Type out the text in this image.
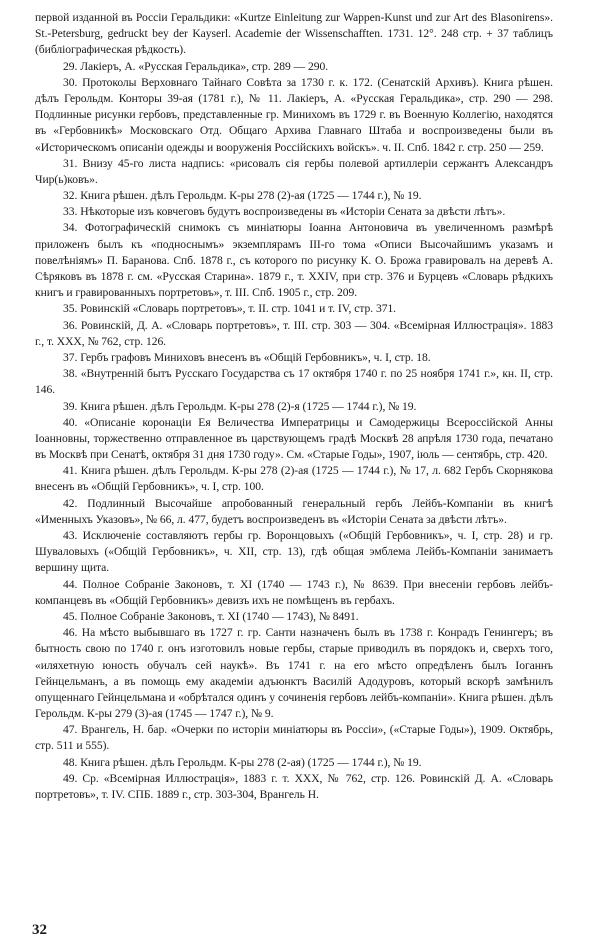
первой изданной въ Россіи Геральдики: «Kurtze Einleitung zur Wappen-Kunst und zur Art des Blasonirens». St.-Petersburg, gedruckt bey der Kayserl. Academie der Wissenschafften. 1731. 12°. 248 стр. + 37 таблицъ (библіографическая рѣдкость).

29. Лакіеръ, А. «Русская Геральдика», стр. 289 — 290.

30. Протоколы Верховнаго Тайнаго Совѣта за 1730 г. к. 172. (Сенатскій Архивъ). Книга рѣшен. дѣлъ Герольдм. Конторы 39-ая (1781 г.), № 11. Лакіеръ, А. «Русская Геральдика», стр. 290 — 298. Подлинные рисунки гербовъ, представленные гр. Минихомъ въ 1729 г. въ Военную Коллегію, находятся въ «Гербовникѣ» Московскаго Отд. Общаго Архива Главнаго Штаба и воспроизведены были въ «Историческомъ описаніи одежды и вооруженія Россійскихъ войскъ». ч. II. Спб. 1842 г. стр. 250 — 259.

31. Внизу 45-го листа надпись: «рисовалъ сія гербы полевой артиллеріи сержантъ Александръ Чир(ь)ковъ».

32. Книга рѣшен. дѣлъ Герольдм. К-ры 278 (2)-ая (1725 — 1744 г.), № 19.

33. Нѣкоторые изъ ковчеговъ будутъ воспроизведены въ «Исторіи Сената за двѣсти лѣтъ».

34. Фотографическій снимокъ съ миніатюры Іоанна Антоновича въ увеличенномъ размѣрѣ приложенъ былъ къ «подноснымъ» экземплярамъ III-го тома «Описи Высочайшимъ указамъ и повелѣніямъ» П. Баранова. Спб. 1878 г., съ которого по рисунку К. О. Брожа гравировалъ на деревѣ А. Сѣряковъ въ 1878 г. см. «Русская Старина». 1879 г., т. XXIV, при стр. 376 и Бурцевъ «Словарь рѣдкихъ книгъ и гравированныхъ портретовъ», т. III. Спб. 1905 г., стр. 209.

35. Ровинскій «Словарь портретовъ», т. II. стр. 1041 и т. IV, стр. 371.

36. Ровинскій, Д. А. «Словарь портретовъ», т. III. стр. 303 — 304. «Всемірная Иллюстрація». 1883 г., т. XXX, № 762, стр. 126.

37. Гербъ графовъ Миниховъ внесенъ въ «Общій Гербовникъ», ч. I, стр. 18.

38. «Внутренній бытъ Русскаго Государства съ 17 октября 1740 г. по 25 ноября 1741 г.», кн. II, стр. 146.

39. Книга рѣшен. дѣлъ Герольдм. К-ры 278 (2)-я (1725 — 1744 г.), № 19.

40. «Описаніе коронаціи Ея Величества Императрицы и Самодержицы Всероссійской Анны Іоанновны, торжественно отправленное въ царствующемъ градѣ Москвѣ 28 апрѣля 1730 года, печатано въ Москвѣ при Сенатѣ, октября 31 дня 1730 году». См. «Старые Годы», 1907, іюль — сентябрь, стр. 420.

41. Книга рѣшен. дѣлъ Герольдм. К-ры 278 (2)-ая (1725 — 1744 г.), № 17, л. 682 Гербъ Скорнякова внесенъ въ «Общій Гербовникъ», ч. I, стр. 100.

42. Подлинный Высочайше апробованный генеральный гербъ Лейбъ-Компаніи въ книгѣ «Именныхъ Указовъ», № 66, л. 477, будетъ воспроизведенъ въ «Исторіи Сената за двѣсти лѣтъ».

43. Исключеніе составляютъ гербы гр. Воронцовыхъ («Общій Гербовникъ», ч. I, стр. 28) и гр. Шуваловыхъ («Общій Гербовникъ», ч. XII, стр. 13), гдѣ общая эмблема Лейбъ-Компаніи занимаетъ вершину щита.

44. Полное Собраніе Законовъ, т. XI (1740 — 1743 г.), № 8639. При внесеніи гербовъ лейбъ-компанцевъ въ «Общій Гербовникъ» девизъ ихъ не помѣщенъ въ гербахъ.

45. Полное Собраніе Законовъ, т. XI (1740 — 1743), № 8491.

46. На мѣсто выбывшаго въ 1727 г. гр. Санти назначенъ былъ въ 1738 г. Конрадъ Генингеръ; въ бытность свою по 1740 г. онъ изготовилъ новые гербы, старые приводилъ въ порядокъ и, сверхъ того, «иляхетную юность обучалъ сей наукѣ». Въ 1741 г. на его мѣсто опредѣленъ былъ Іоганнъ Гейнцельманъ, а въ помощь ему академіи адъюнктъ Василій Адодуровъ, который вскорѣ замѣнилъ опущеннаго Гейнцельмана и «обрѣтался одинъ у сочиненія гербовъ лейбъ-компаніи». Книга рѣшен. дѣлъ Герольдм. К-ры 279 (3)-ая (1745 — 1747 г.), № 9.

47. Врангель, Н. бар. «Очерки по исторіи миніатюры въ Россіи», («Старые Годы»), 1909. Октябрь, стр. 511 и 555).

48. Книга рѣшен. дѣлъ Герольдм. К-ры 278 (2-ая) (1725 — 1744 г.), № 19.

49. Ср. «Всемірная Иллюстрація», 1883 г. т. XXX, № 762, стр. 126. Ровинскій Д. А. «Словарь портретовъ», т. IV. СПБ. 1889 г., стр. 303-304, Врангель Н.

32
